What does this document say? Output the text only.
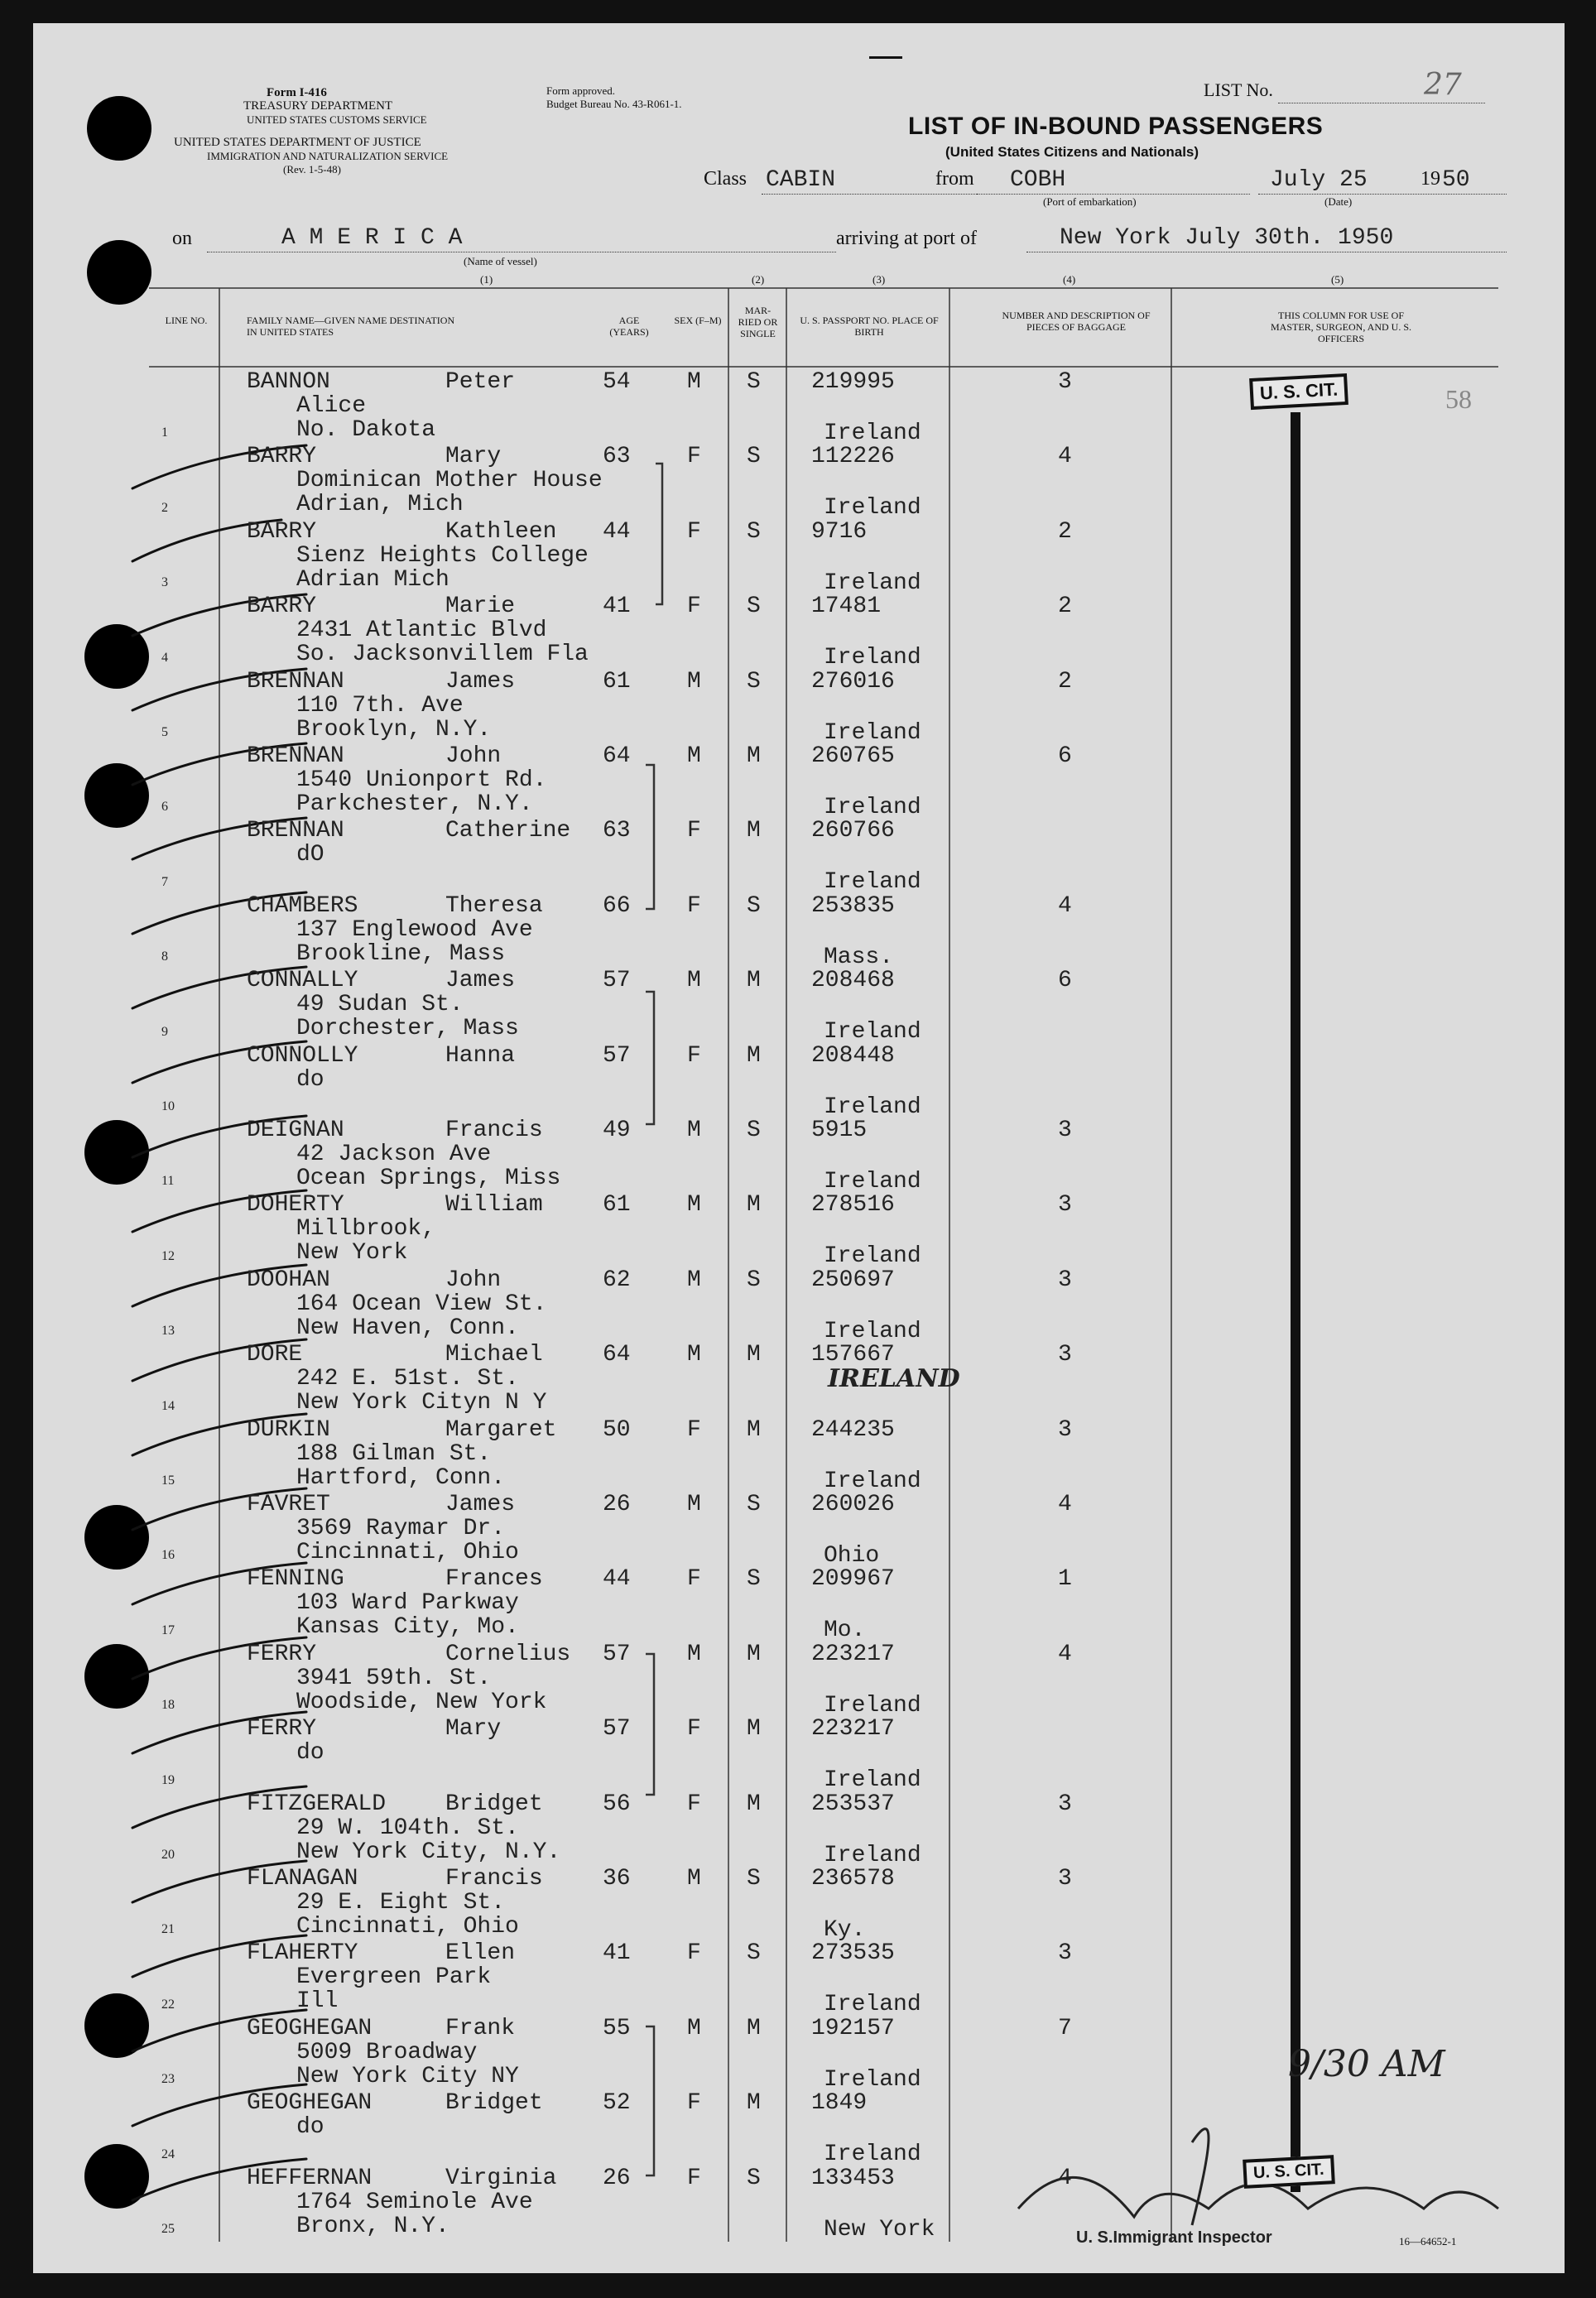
Form I-416
TREASURY DEPARTMENT
UNITED STATES CUSTOMS SERVICE
UNITED STATES DEPARTMENT OF JUSTICE
IMMIGRATION AND NATURALIZATION SERVICE
(Rev. 1-5-48)
Form approved.
Budget Bureau No. 43-R061-1.
LIST No.	27
LIST OF IN-BOUND PASSENGERS
(United States Citizens and Nationals)
Class CABIN	from COBH
(Port of embarkation)
July 25	19 50
(Date)
on	A M E R I C A
(Name of vessel)
arriving at port of	New York July 30th. 1950
(1)	(2)	(3)	(4)	(5)
LINE NO.	FAMILY NAME—GIVEN NAME DESTINATION IN UNITED STATES
AGE (YEARS)
SEX (F–M)
MAR- RIED OR SINGLE
U. S. PASSPORT NO. PLACE OF BIRTH
NUMBER AND DESCRIPTION OF PIECES OF BAGGAGE
THIS COLUMN FOR USE OF MASTER, SURGEON, AND U. S. OFFICERS
1
BANNON	Peter	54 M S 219995	3
Alice
No. Dakota	Ireland
2
BARRY	Mary	63 F S 112226	4
Dominican Mother House
Adrian, Mich	Ireland
3
BARRY	Kathleen 44 F S 9716	2
Sienz Heights College
Adrian Mich	Ireland
4
BARRY	Marie	41 F S 17481	2
2431 Atlantic Blvd
So. Jacksonvillem Fla	Ireland
5
BRENNAN	James	61 M S 276016	2
110 7th. Ave
Brooklyn, N.Y.	Ireland
6
BRENNAN	John	64 M M 260765	6
1540 Unionport Rd.
Parkchester, N.Y.	Ireland
7
BRENNAN	Catherine 63 F M 260766
dO
Ireland
8
CHAMBERS	Theresa	66 F S 253835	4
137 Englewood Ave
Brookline, Mass	Mass.
9
CONNALLY	James	57 M M 208468	6
49 Sudan St.
Dorchester, Mass	Ireland
10
CONNOLLY	Hanna	57 F M 208448
do
Ireland
11
DEIGNAN	Francis	49 M S 5915	3
42 Jackson Ave
Ocean Springs, Miss	Ireland
12
DOHERTY	William	61 M M 278516	3
Millbrook,
New York	Ireland
13
DOOHAN	John	62 M S 250697	3
164 Ocean View St.
New Haven, Conn.	Ireland
14
DORE	Michael	64 M M 157667	3
242 E. 51st. St.
New York Cityn N Y
15
DURKIN	Margaret 50 F M 244235	3
188 Gilman St.
Hartford, Conn.	Ireland
16
FAVRET	James	26 M S 260026	4
3569 Raymar Dr.
Cincinnati, Ohio	Ohio
17
FENNING	Frances	44 F S 209967	1
103 Ward Parkway
Kansas City, Mo.	Mo.
18
FERRY	Cornelius 57 M M 223217	4
3941 59th. St.
Woodside, New York	Ireland
19
FERRY	Mary	57 F M 223217
do
Ireland
20
FITZGERALD	Bridget	56 F M 253537	3
29 W. 104th. St.
New York City, N.Y.	Ireland
21
FLANAGAN	Francis	36 M S 236578	3
29 E. Eight St.
Cincinnati, Ohio	Ky.
22
FLAHERTY	Ellen	41 F S 273535	3
Evergreen Park
Ill	Ireland
23
GEOGHEGAN	Frank	55 M M 192157	7
5009 Broadway
New York City NY	Ireland
24
GEOGHEGAN	Bridget	52 F M 1849
do
Ireland
25
HEFFERNAN	Virginia 26 F S 133453	4
1764 Seminole Ave
Bronx, N.Y.	New York
U. S. CIT.	58
IRELAND
9/30 AM
U. S. CIT.
U. S.Immigrant Inspector	16—64652-1
